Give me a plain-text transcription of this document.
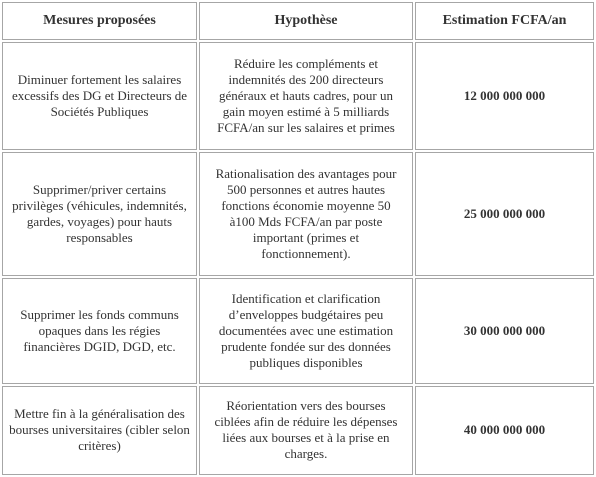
Mesures proposées	Hypothèse	Estimation FCFA/an
Diminuer fortement les salaires excessifs des DG et Directeurs de Sociétés Publiques	Réduire les compléments et indemnités des 200 directeurs généraux et hauts cadres, pour un gain moyen estimé à 5 milliards FCFA/an sur les salaires et primes	12 000 000 000
Supprimer/priver certains privilèges (véhicules, indemnités, gardes, voyages) pour hauts responsables	Rationalisation des avantages pour 500 personnes et autres hautes fonctions économie moyenne 50 à100 Mds FCFA/an par poste important (primes et fonctionnement).	25 000 000 000
Supprimer les fonds communs opaques dans les régies financières DGID, DGD, etc.	Identification et clarification d’enveloppes budgétaires peu documentées avec une estimation prudente fondée sur des données publiques disponibles	30 000 000 000
Mettre fin à la généralisation des bourses universitaires (cibler selon critères)	Réorientation vers des bourses ciblées afin de réduire les dépenses liées aux bourses et à la prise en charges.	40 000 000 000
